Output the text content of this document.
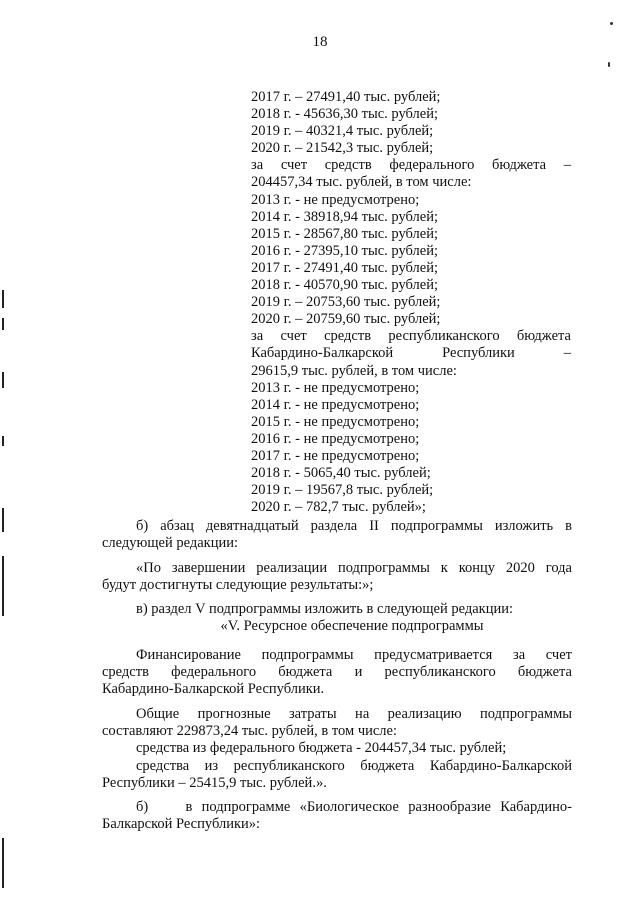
18
2017 г. – 27491,40 тыс. рублей;
2018 г. - 45636,30 тыс. рублей;
2019 г. – 40321,4 тыс. рублей;
2020 г. – 21542,3 тыс. рублей;
за счет средств федерального бюджета –
204457,34 тыс. рублей, в том числе:
2013 г. - не предусмотрено;
2014 г. - 38918,94 тыс. рублей;
2015 г. - 28567,80 тыс. рублей;
2016 г. - 27395,10 тыс. рублей;
2017 г. - 27491,40 тыс. рублей;
2018 г. - 40570,90 тыс. рублей;
2019 г. – 20753,60 тыс. рублей;
2020 г. – 20759,60 тыс. рублей;
за счет средств республиканского бюджета
Кабардино-Балкарской Республики –
29615,9 тыс. рублей, в том числе:
2013 г. - не предусмотрено;
2014 г. - не предусмотрено;
2015 г. - не предусмотрено;
2016 г. - не предусмотрено;
2017 г. - не предусмотрено;
2018 г. - 5065,40 тыс. рублей;
2019 г. – 19567,8 тыс. рублей;
2020 г. – 782,7 тыс. рублей»;
б) абзац девятнадцатый раздела II подпрограммы изложить в
следующей редакции:
«По завершении реализации подпрограммы к концу 2020 года
будут достигнуты следующие результаты:»;
в) раздел V подпрограммы изложить в следующей редакции:
«V. Ресурсное обеспечение подпрограммы
Финансирование подпрограммы предусматривается за счет
средств федерального бюджета и республиканского бюджета
Кабардино-Балкарской Республики.
Общие прогнозные затраты на реализацию подпрограммы
составляют 229873,24 тыс. рублей, в том числе:
средства из федерального бюджета - 204457,34 тыс. рублей;
средства из республиканского бюджета Кабардино-Балкарской
Республики – 25415,9 тыс. рублей.».
б)    в подпрограмме «Биологическое разнообразие Кабардино-
Балкарской Республики»:
